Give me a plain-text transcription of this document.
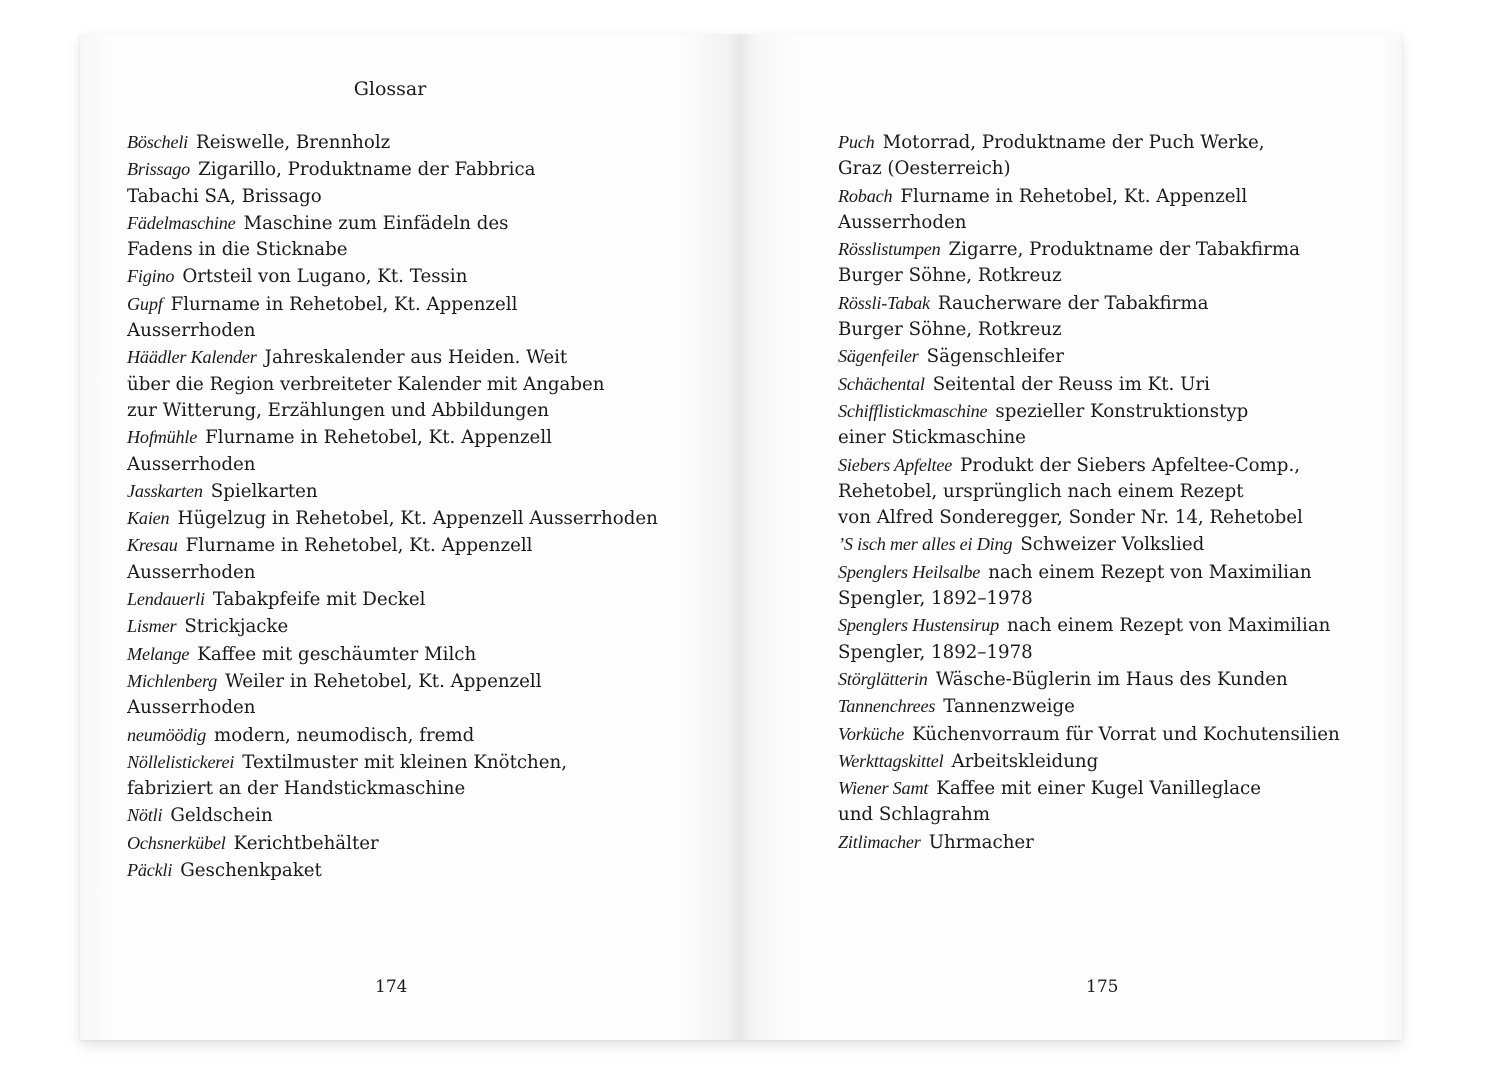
Glossar
Böscheli Reiswelle, Brennholz
Brissago Zigarillo, Produktname der Fabbrica
Tabachi SA, Brissago
Fädelmaschine Maschine zum Einfädeln des
Fadens in die Sticknabe
Figino Ortsteil von Lugano, Kt. Tessin
Gupf Flurname in Rehetobel, Kt. Appenzell
Ausserrhoden
Häädler Kalender Jahreskalender aus Heiden. Weit
über die Region verbreiteter Kalender mit Angaben
zur Witterung, Erzählungen und Abbildungen
Hofmühle Flurname in Rehetobel, Kt. Appenzell
Ausserrhoden
Jasskarten Spielkarten
Kaien Hügelzug in Rehetobel, Kt. Appenzell Ausserrhoden
Kresau Flurname in Rehetobel, Kt. Appenzell
Ausserrhoden
Lendauerli Tabakpfeife mit Deckel
Lismer Strickjacke
Melange Kaffee mit geschäumter Milch
Michlenberg Weiler in Rehetobel, Kt. Appenzell
Ausserrhoden
neumöödig modern, neumodisch, fremd
Nöllelistickerei Textilmuster mit kleinen Knötchen,
fabriziert an der Handstickmaschine
Nötli Geldschein
Ochsnerkübel Kerichtbehälter
Päckli Geschenkpaket
174
Puch Motorrad, Produktname der Puch Werke,
Graz (Oesterreich)
Robach Flurname in Rehetobel, Kt. Appenzell
Ausserrhoden
Rösslistumpen Zigarre, Produktname der Tabakfirma
Burger Söhne, Rotkreuz
Rössli-Tabak Raucherware der Tabakfirma
Burger Söhne, Rotkreuz
Sägenfeiler Sägenschleifer
Schächental Seitental der Reuss im Kt. Uri
Schifflistickmaschine spezieller Konstruktionstyp
einer Stickmaschine
Siebers Apfeltee Produkt der Siebers Apfeltee-Comp.,
Rehetobel, ursprünglich nach einem Rezept
von Alfred Sonderegger, Sonder Nr. 14, Rehetobel
’S isch mer alles ei Ding Schweizer Volkslied
Spenglers Heilsalbe nach einem Rezept von Maximilian
Spengler, 1892–1978
Spenglers Hustensirup nach einem Rezept von Maximilian
Spengler, 1892–1978
Störglätterin Wäsche-Büglerin im Haus des Kunden
Tannenchrees Tannenzweige
Vorküche Küchenvorraum für Vorrat und Kochutensilien
Werkttagskittel Arbeitskleidung
Wiener Samt Kaffee mit einer Kugel Vanilleglace
und Schlagrahm
Zitlimacher Uhrmacher
175
